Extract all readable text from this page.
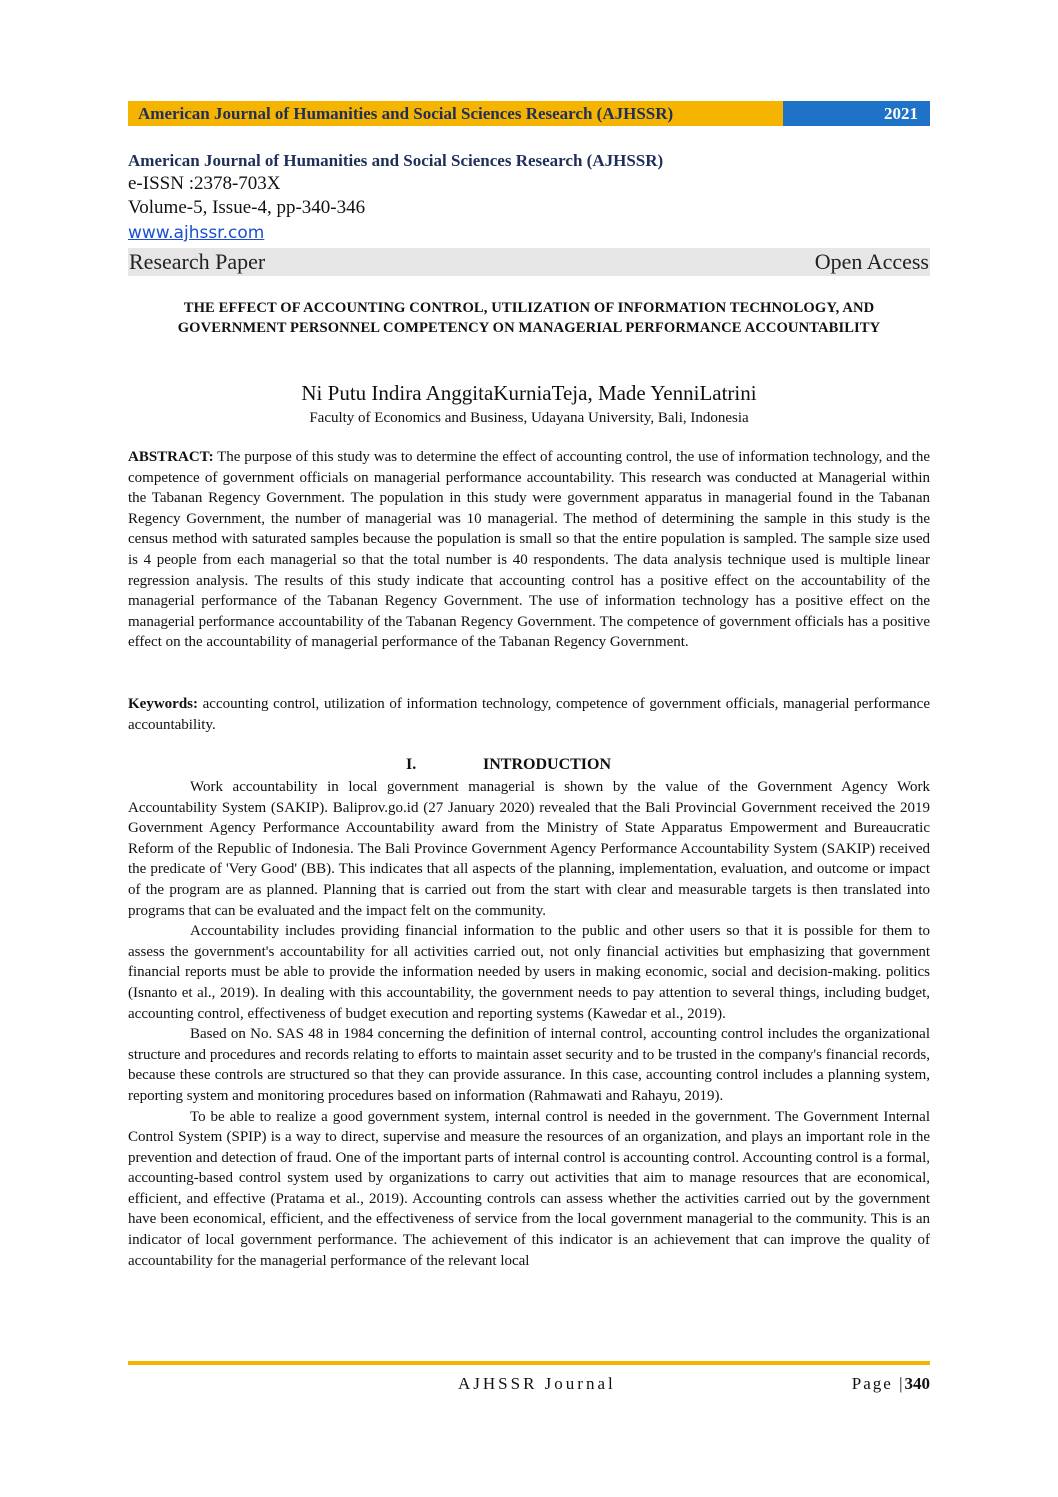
American Journal of Humanities and Social Sciences Research (AJHSSR)	2021
American Journal of Humanities and Social Sciences Research (AJHSSR)
e-ISSN :2378-703X
Volume-5, Issue-4, pp-340-346
www.ajhssr.com
Research Paper	Open Access
THE EFFECT OF ACCOUNTING CONTROL, UTILIZATION OF INFORMATION TECHNOLOGY, AND GOVERNMENT PERSONNEL COMPETENCY ON MANAGERIAL PERFORMANCE ACCOUNTABILITY
Ni Putu Indira AnggitaKurniaTeja, Made YenniLatrini
Faculty of Economics and Business, Udayana University, Bali, Indonesia
ABSTRACT: The purpose of this study was to determine the effect of accounting control, the use of information technology, and the competence of government officials on managerial performance accountability. This research was conducted at Managerial within the Tabanan Regency Government. The population in this study were government apparatus in managerial found in the Tabanan Regency Government, the number of managerial was 10 managerial. The method of determining the sample in this study is the census method with saturated samples because the population is small so that the entire population is sampled. The sample size used is 4 people from each managerial so that the total number is 40 respondents. The data analysis technique used is multiple linear regression analysis. The results of this study indicate that accounting control has a positive effect on the accountability of the managerial performance of the Tabanan Regency Government. The use of information technology has a positive effect on the managerial performance accountability of the Tabanan Regency Government. The competence of government officials has a positive effect on the accountability of managerial performance of the Tabanan Regency Government.
Keywords: accounting control, utilization of information technology, competence of government officials, managerial performance accountability.
I.	INTRODUCTION

Work accountability in local government managerial is shown by the value of the Government Agency Work Accountability System (SAKIP). Baliprov.go.id (27 January 2020) revealed that the Bali Provincial Government received the 2019 Government Agency Performance Accountability award from the Ministry of State Apparatus Empowerment and Bureaucratic Reform of the Republic of Indonesia. The Bali Province Government Agency Performance Accountability System (SAKIP) received the predicate of 'Very Good' (BB). This indicates that all aspects of the planning, implementation, evaluation, and outcome or impact of the program are as planned. Planning that is carried out from the start with clear and measurable targets is then translated into programs that can be evaluated and the impact felt on the community.

Accountability includes providing financial information to the public and other users so that it is possible for them to assess the government's accountability for all activities carried out, not only financial activities but emphasizing that government financial reports must be able to provide the information needed by users in making economic, social and decision-making. politics (Isnanto et al., 2019). In dealing with this accountability, the government needs to pay attention to several things, including budget, accounting control, effectiveness of budget execution and reporting systems (Kawedar et al., 2019).

Based on No. SAS 48 in 1984 concerning the definition of internal control, accounting control includes the organizational structure and procedures and records relating to efforts to maintain asset security and to be trusted in the company's financial records, because these controls are structured so that they can provide assurance. In this case, accounting control includes a planning system, reporting system and monitoring procedures based on information (Rahmawati and Rahayu, 2019).

To be able to realize a good government system, internal control is needed in the government. The Government Internal Control System (SPIP) is a way to direct, supervise and measure the resources of an organization, and plays an important role in the prevention and detection of fraud. One of the important parts of internal control is accounting control. Accounting control is a formal, accounting-based control system used by organizations to carry out activities that aim to manage resources that are economical, efficient, and effective (Pratama et al., 2019). Accounting controls can assess whether the activities carried out by the government have been economical, efficient, and the effectiveness of service from the local government managerial to the community. This is an indicator of local government performance. The achievement of this indicator is an achievement that can improve the quality of accountability for the managerial performance of the relevant local

AJHSSR Journal	Page |340
